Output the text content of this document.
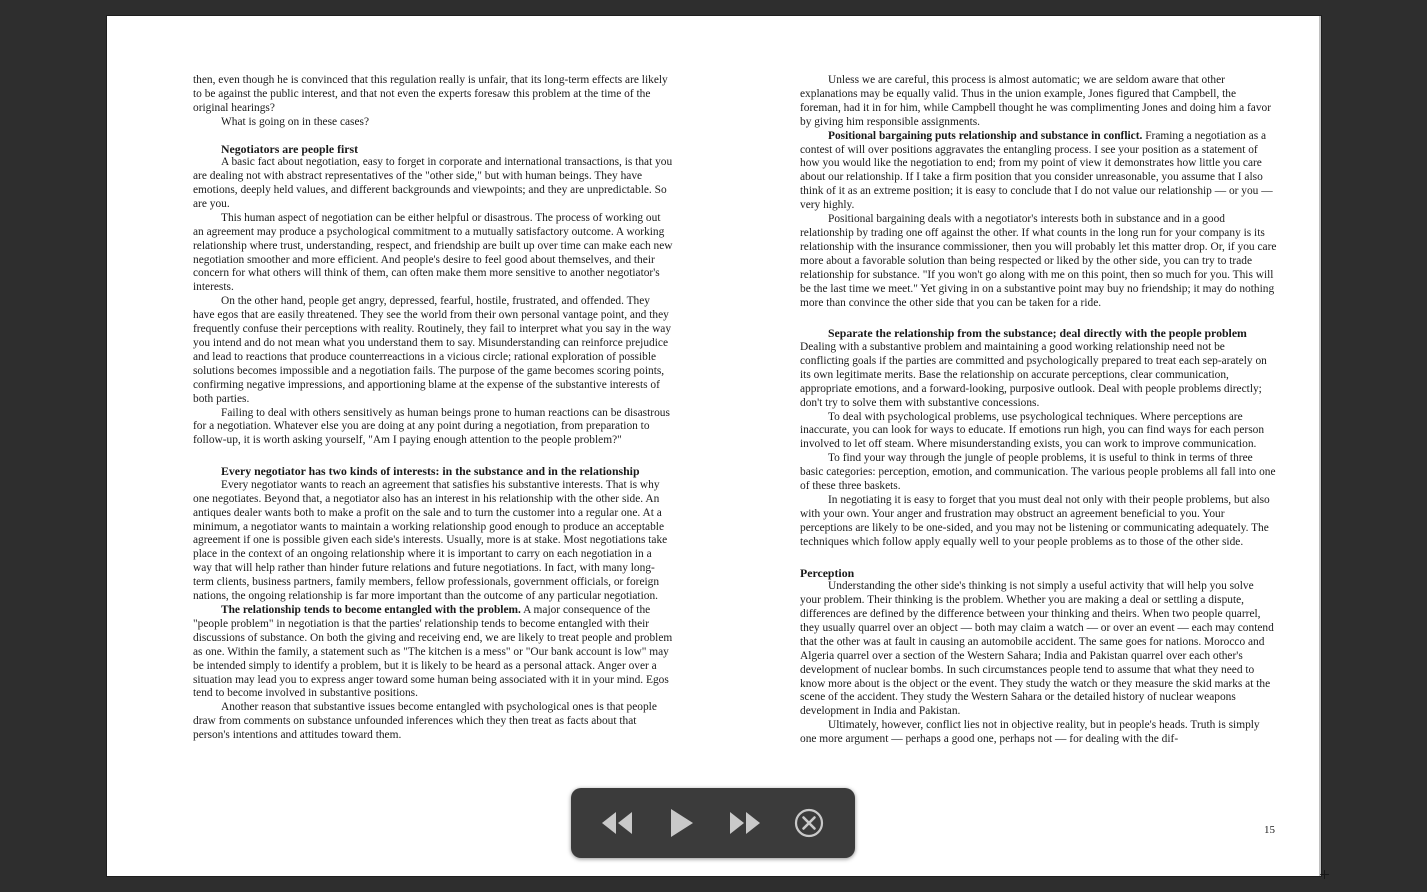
then, even though he is convinced that this regulation really is unfair, that its long-term effects are likely to be against the public interest, and that not even the experts foresaw this problem at the time of the original hearings?

What is going on in these cases?

Negotiators are people first

A basic fact about negotiation, easy to forget in corporate and international transactions, is that you are dealing not with abstract representatives of the "other side," but with human beings. They have emotions, deeply held values, and different backgrounds and viewpoints; and they are unpredictable. So are you.

This human aspect of negotiation can be either helpful or disastrous. The process of working out an agreement may produce a psychological commitment to a mutually satisfactory outcome. A working relationship where trust, understanding, respect, and friendship are built up over time can make each new negotiation smoother and more efficient. And people's desire to feel good about themselves, and their concern for what others will think of them, can often make them more sensitive to another negotiator's interests.

On the other hand, people get angry, depressed, fearful, hostile, frustrated, and offended. They have egos that are easily threatened. They see the world from their own personal vantage point, and they frequently confuse their perceptions with reality. Routinely, they fail to interpret what you say in the way you intend and do not mean what you understand them to say. Misunderstanding can reinforce prejudice and lead to reactions that produce counterreactions in a vicious circle; rational exploration of possible solutions becomes impossible and a negotiation fails. The purpose of the game becomes scoring points, confirming negative impressions, and apportioning blame at the expense of the substantive interests of both parties.

Failing to deal with others sensitively as human beings prone to human reactions can be disastrous for a negotiation. Whatever else you are doing at any point during a negotiation, from preparation to follow-up, it is worth asking yourself, "Am I paying enough attention to the people problem?"

Every negotiator has two kinds of interests: in the substance and in the relationship

Every negotiator wants to reach an agreement that satisfies his substantive interests. That is why one negotiates. Beyond that, a negotiator also has an interest in his relationship with the other side. An antiques dealer wants both to make a profit on the sale and to turn the customer into a regular one. At a minimum, a negotiator wants to maintain a working relationship good enough to produce an acceptable agreement if one is possible given each side's interests. Usually, more is at stake. Most negotiations take place in the context of an ongoing relationship where it is important to carry on each negotiation in a way that will help rather than hinder future relations and future negotiations. In fact, with many long-term clients, business partners, family members, fellow professionals, government officials, or foreign nations, the ongoing relationship is far more important than the outcome of any particular negotiation.

The relationship tends to become entangled with the problem. A major consequence of the "people problem" in negotiation is that the parties' relationship tends to become entangled with their discussions of substance. On both the giving and receiving end, we are likely to treat people and problem as one. Within the family, a statement such as "The kitchen is a mess" or "Our bank account is low" may be intended simply to identify a problem, but it is likely to be heard as a personal attack. Anger over a situation may lead you to express anger toward some human being associated with it in your mind. Egos tend to become involved in substantive positions.

Another reason that substantive issues become entangled with psychological ones is that people draw from comments on substance unfounded inferences which they then treat as facts about that person's intentions and attitudes toward them.

Unless we are careful, this process is almost automatic; we are seldom aware that other explanations may be equally valid. Thus in the union example, Jones figured that Campbell, the foreman, had it in for him, while Campbell thought he was complimenting Jones and doing him a favor by giving him responsible assignments.

Positional bargaining puts relationship and substance in conflict. Framing a negotiation as a contest of will over positions aggravates the entangling process. I see your position as a statement of how you would like the negotiation to end; from my point of view it demonstrates how little you care about our relationship. If I take a firm position that you consider unreasonable, you assume that I also think of it as an extreme position; it is easy to conclude that I do not value our relationship — or you — very highly.

Positional bargaining deals with a negotiator's interests both in substance and in a good relationship by trading one off against the other. If what counts in the long run for your company is its relationship with the insurance commissioner, then you will probably let this matter drop. Or, if you care more about a favorable solution than being respected or liked by the other side, you can try to trade relationship for substance. "If you won't go along with me on this point, then so much for you. This will be the last time we meet." Yet giving in on a substantive point may buy no friendship; it may do nothing more than convince the other side that you can be taken for a ride.

Separate the relationship from the substance; deal directly with the people problem

Dealing with a substantive problem and maintaining a good working relationship need not be conflicting goals if the parties are committed and psychologically prepared to treat each sep-arately on its own legitimate merits. Base the relationship on accurate perceptions, clear communication, appropriate emotions, and a forward-looking, purposive outlook. Deal with people problems directly; don't try to solve them with substantive concessions.

To deal with psychological problems, use psychological techniques. Where perceptions are inaccurate, you can look for ways to educate. If emotions run high, you can find ways for each person involved to let off steam. Where misunderstanding exists, you can work to improve communication.

To find your way through the jungle of people problems, it is useful to think in terms of three basic categories: perception, emotion, and communication. The various people problems all fall into one of these three baskets.

In negotiating it is easy to forget that you must deal not only with their people problems, but also with your own. Your anger and frustration may obstruct an agreement beneficial to you. Your perceptions are likely to be one-sided, and you may not be listening or communicating adequately. The techniques which follow apply equally well to your people problems as to those of the other side.

Perception

Understanding the other side's thinking is not simply a useful activity that will help you solve your problem. Their thinking is the problem. Whether you are making a deal or settling a dispute, differences are defined by the difference between your thinking and theirs. When two people quarrel, they usually quarrel over an object — both may claim a watch — or over an event — each may contend that the other was at fault in causing an automobile accident. The same goes for nations. Morocco and Algeria quarrel over a section of the Western Sahara; India and Pakistan quarrel over each other's development of nuclear bombs. In such circumstances people tend to assume that what they need to know more about is the object or the event. They study the watch or they measure the skid marks at the scene of the accident. They study the Western Sahara or the detailed history of nuclear weapons development in India and Pakistan.

Ultimately, however, conflict lies not in objective reality, but in people's heads. Truth is simply one more argument — perhaps a good one, perhaps not — for dealing with the dif-

15
